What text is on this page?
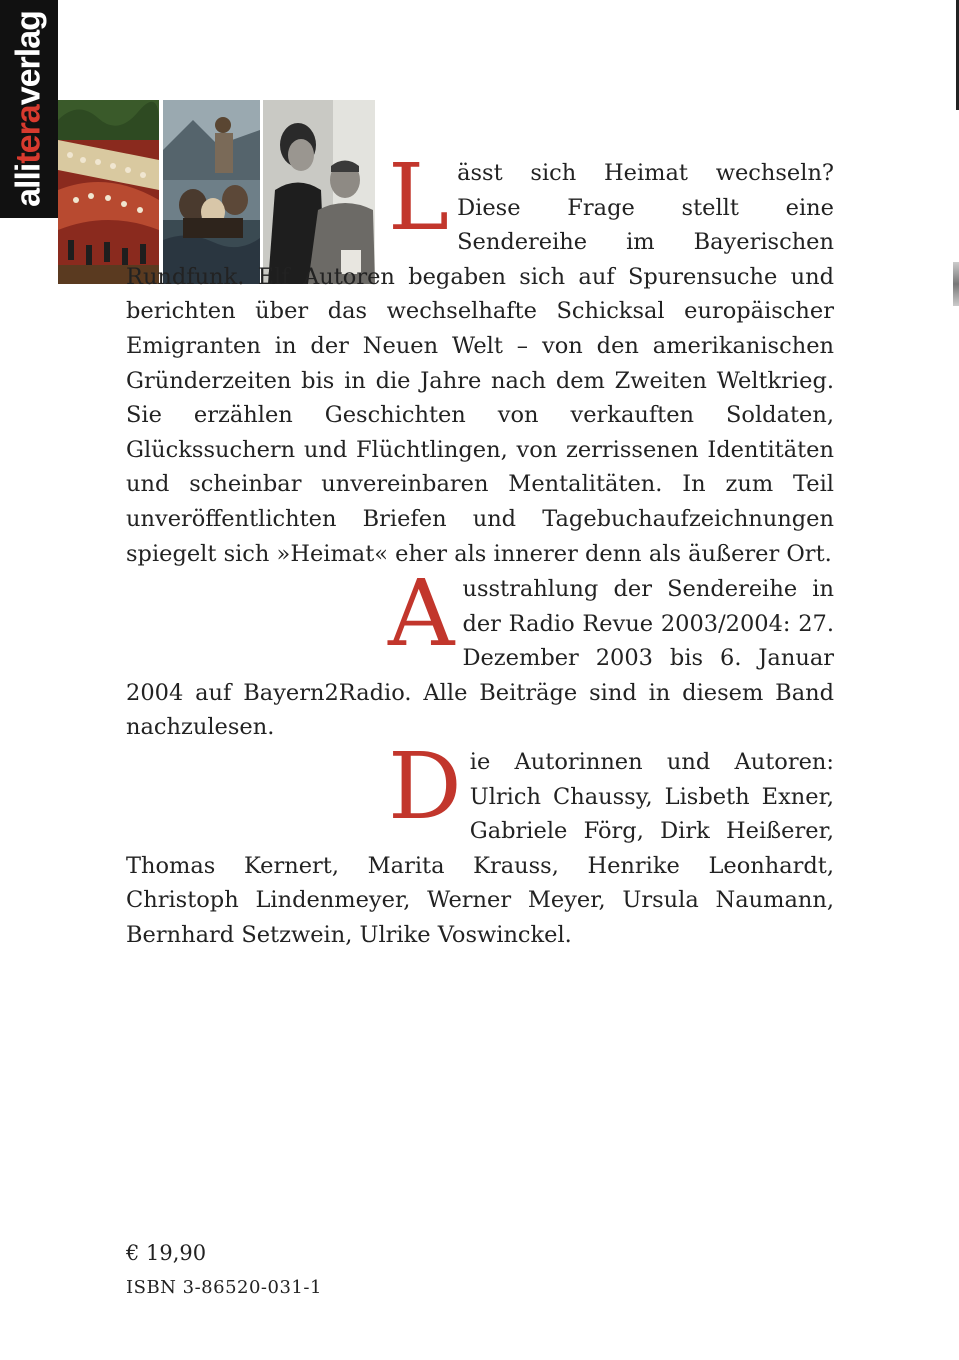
alliteraverlag

Lässt sich Heimat wechseln? Diese Frage stellt eine Sendereihe im Bayerischen Rundfunk. Elf Autoren begaben sich auf Spurensuche und berichten über das wechselhafte Schicksal europäischer Emigranten in der Neuen Welt – von den amerikanischen Gründerzeiten bis in die Jahre nach dem Zweiten Weltkrieg. Sie erzählen Geschichten von verkauften Soldaten, Glückssuchern und Flüchtlingen, von zerrissenen Identitäten und scheinbar unvereinbaren Mentalitäten. In zum Teil unveröffentlichten Briefen und Tagebuchaufzeichnungen spiegelt sich »Heimat« eher als innerer denn als äußerer Ort.

Ausstrahlung der Sendereihe in der Radio Revue 2003/2004: 27. Dezember 2003 bis 6. Januar 2004 auf Bayern2Radio. Alle Beiträge sind in diesem Band nachzulesen.

Die Autorinnen und Autoren: Ulrich Chaussy, Lisbeth Exner, Gabriele Förg, Dirk Heißerer, Thomas Kernert, Marita Krauss, Henrike Leonhardt, Christoph Lindenmeyer, Werner Meyer, Ursula Naumann, Bernhard Setzwein, Ulrike Voswinckel.

€ 19,90

ISBN 3-86520-031-1
